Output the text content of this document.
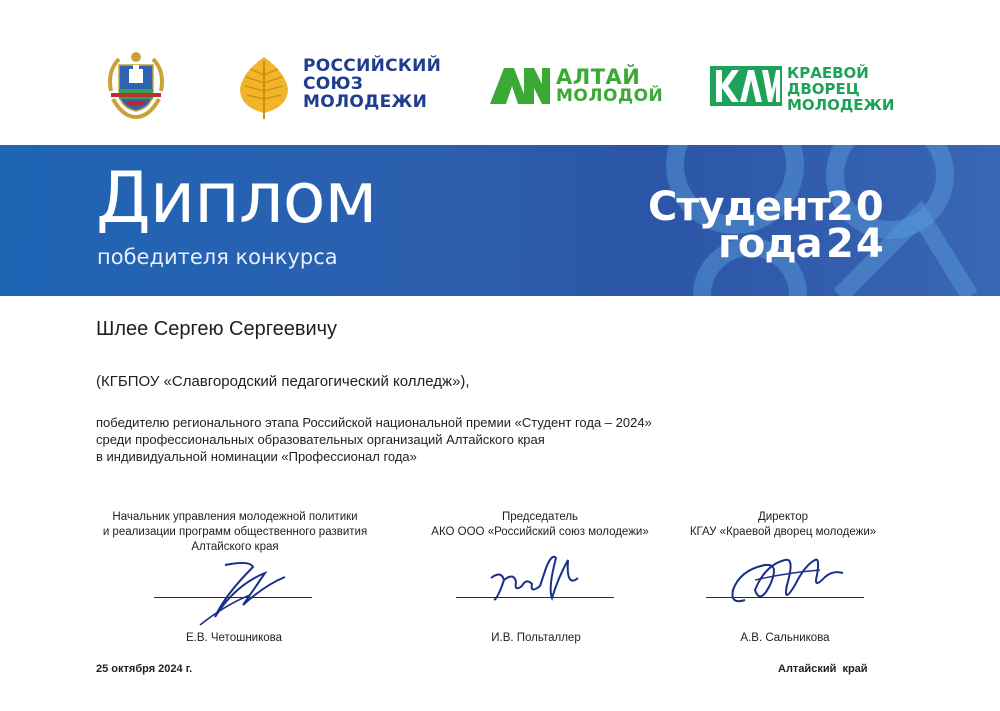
РОССИЙСКИЙ
СОЮЗ
МОЛОДЕЖИ
АЛТАЙ
МОЛОДОЙ
КРАЕВОЙ
ДВОРЕЦ
МОЛОДЕЖИ
Диплом
победителя конкурса
Студент
года
20
24
Шлее Сергею Сергеевичу
(КГБПОУ «Славгородский педагогический колледж»),
победителю регионального этапа Российской национальной премии «Студент года – 2024»
среди профессиональных образовательных организаций Алтайского края
в индивидуальной номинации «Профессионал года»
Начальник управления молодежной политики
и реализации программ общественного развития
Алтайского края
Е.В. Четошникова
Председатель
АКО ООО «Российский союз молодежи»
И.В. Польталлер
Директор
КГАУ «Краевой дворец молодежи»
А.В. Сальникова
25 октября 2024 г.	Алтайский  край
